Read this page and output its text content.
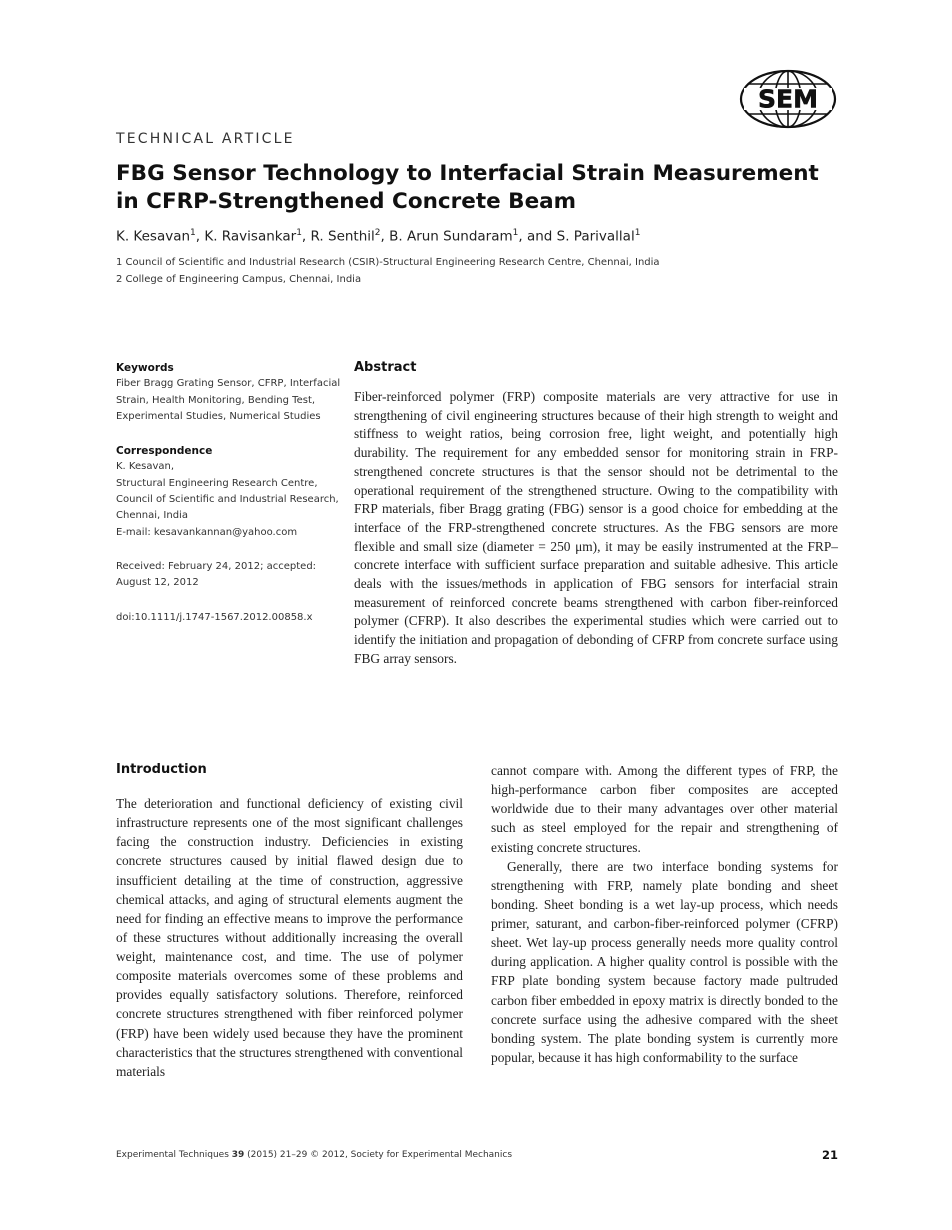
SEM
TECHNICAL ARTICLE
FBG Sensor Technology to Interfacial Strain Measurement
in CFRP-Strengthened Concrete Beam
K. Kesavan$^1$, K. Ravisankar$^1$, R. Senthil$^2$, B. Arun Sundaram$^1$, and S. Parivallal$^1$
1 Council of Scientific and Industrial Research (CSIR)-Structural Engineering Research Centre, Chennai, India
2 College of Engineering Campus, Chennai, India
Keywords
Fiber Bragg Grating Sensor, CFRP, Interfacial
Strain, Health Monitoring, Bending Test,
Experimental Studies, Numerical Studies
Correspondence
K. Kesavan,
Structural Engineering Research Centre,
Council of Scientific and Industrial Research,
Chennai, India
E-mail: kesavankannan@yahoo.com
Received: February 24, 2012; accepted:
August 12, 2012
doi:10.1111/j.1747-1567.2012.00858.x
Abstract

Fiber-reinforced polymer (FRP) composite materials are very attractive for use in strengthening of civil engineering structures because of their high strength to weight and stiffness to weight ratios, being corrosion free, light weight, and potentially high durability. The requirement for any embedded sensor for monitoring strain in FRP-strengthened concrete structures is that the sensor should not be detrimental to the operational requirement of the strengthened structure. Owing to the compatibility with FRP materials, fiber Bragg grating (FBG) sensor is a good choice for embedding at the interface of the FRP-strengthened concrete structures. As the FBG sensors are more flexible and small size (diameter = 250 μm), it may be easily instrumented at the FRP–concrete interface with sufficient surface preparation and suitable adhesive. This article deals with the issues/methods in application of FBG sensors for interfacial strain measurement of reinforced concrete beams strengthened with carbon fiber-reinforced polymer (CFRP). It also describes the experimental studies which were carried out to identify the initiation and propagation of debonding of CFRP from concrete surface using FBG array sensors.

Introduction

The deterioration and functional deficiency of existing civil infrastructure represents one of the most significant challenges facing the construction industry. Deficiencies in existing concrete structures caused by initial flawed design due to insufficient detailing at the time of construction, aggressive chemical attacks, and aging of structural elements augment the need for finding an effective means to improve the performance of these structures without additionally increasing the overall weight, maintenance cost, and time. The use of polymer composite materials overcomes some of these problems and provides equally satisfactory solutions. Therefore, reinforced concrete structures strengthened with fiber reinforced polymer (FRP) have been widely used because they have the prominent characteristics that the structures strengthened with conventional materials

cannot compare with. Among the different types of FRP, the high-performance carbon fiber composites are accepted worldwide due to their many advantages over other material such as steel employed for the repair and strengthening of existing concrete structures.

Generally, there are two interface bonding systems for strengthening with FRP, namely plate bonding and sheet bonding. Sheet bonding is a wet lay-up process, which needs primer, saturant, and carbon-fiber-reinforced polymer (CFRP) sheet. Wet lay-up process generally needs more quality control during application. A higher quality control is possible with the FRP plate bonding system because factory made pultruded carbon fiber embedded in epoxy matrix is directly bonded to the concrete surface using the adhesive compared with the sheet bonding system. The plate bonding system is currently more popular, because it has high conformability to the surface

Experimental Techniques 39 (2015) 21–29 © 2012, Society for Experimental Mechanics	21
